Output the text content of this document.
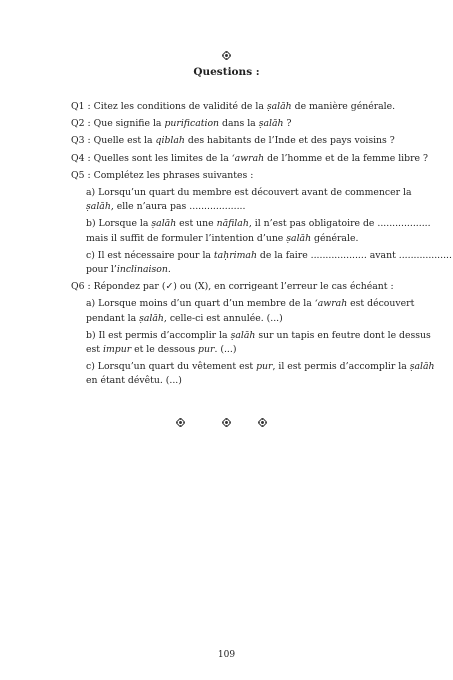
Questions :

Q1 : Citez les conditions de validité de la ṣalāh de manière générale.

Q2 : Que signifie la purification dans la ṣalāh ?

Q3 : Quelle est la qiblah des habitants de l’Inde et des pays voisins ?

Q4 : Quelles sont les limites de la ‘awrah de l’homme et de la femme libre ?

Q5 : Complétez les phrases suivantes :

a) Lorsqu’un quart du membre est découvert avant de commencer la
ṣalāh, elle n’aura pas ...................

b) Lorsque la ṣalāh est une nāfilah, il n’est pas obligatoire de ..................
mais il suffit de formuler l’intention d’une ṣalāh générale.

c) Il est nécessaire pour la taḥrimah de la faire ................... avant ..................
pour l’inclinaison.

Q6 : Répondez par (✓) ou (X), en corrigeant l’erreur le cas échéant :

a) Lorsque moins d’un quart d’un membre de la ‘awrah est découvert
pendant la ṣalāh, celle-ci est annulée. (...)

b) Il est permis d’accomplir la ṣalāh sur un tapis en feutre dont le dessus
est impur et le dessous pur. (...)

c) Lorsqu’un quart du vêtement est pur, il est permis d’accomplir la ṣalāh
en étant dévêtu. (...)

109
